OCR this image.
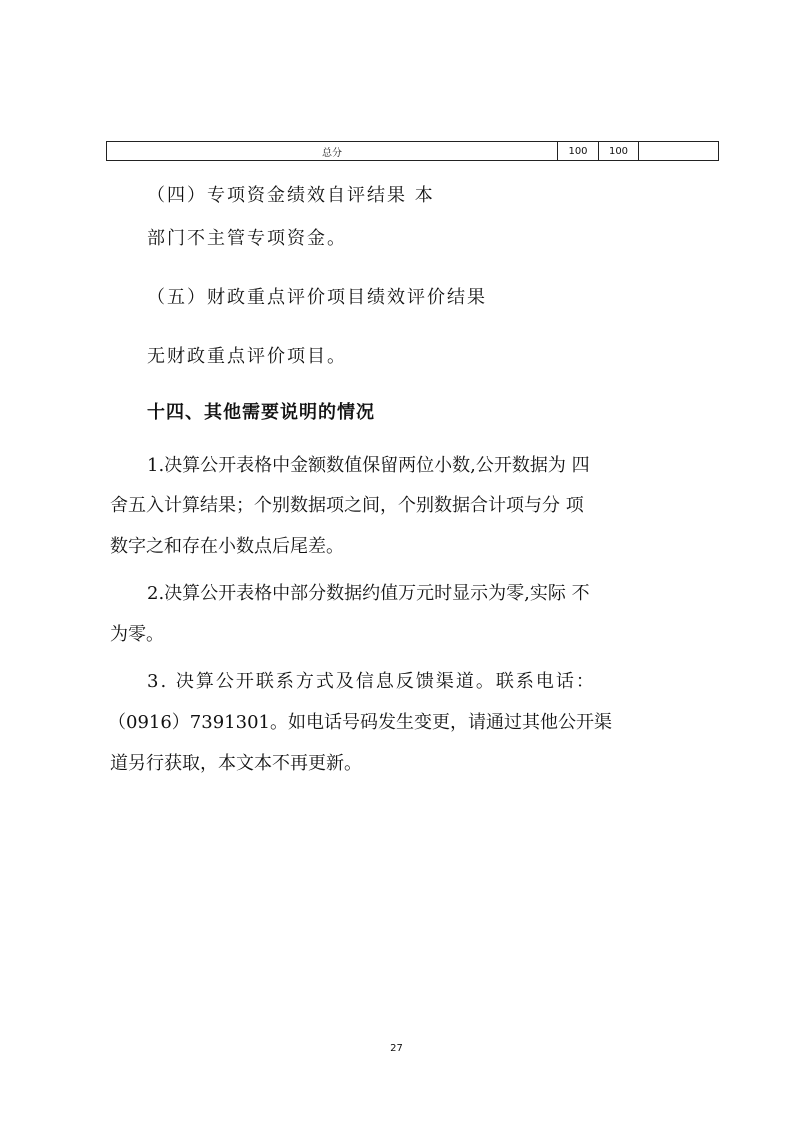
总分	100	100	
（四）专项资金绩效自评结果 本
部门不主管专项资金。
（五）财政重点评价项目绩效评价结果
无财政重点评价项目。
十四、其他需要说明的情况
1.决算公开表格中金额数值保留两位小数,公开数据为 四
舍五入计算结果；个别数据项之间，个别数据合计项与分 项
数字之和存在小数点后尾差。
2.决算公开表格中部分数据约值万元时显示为零,实际 不
为零。
3. 决算公开联系方式及信息反馈渠道。联系电话：
（0916）7391301。如电话号码发生变更，请通过其他公开渠
道另行获取，本文本不再更新。
27
